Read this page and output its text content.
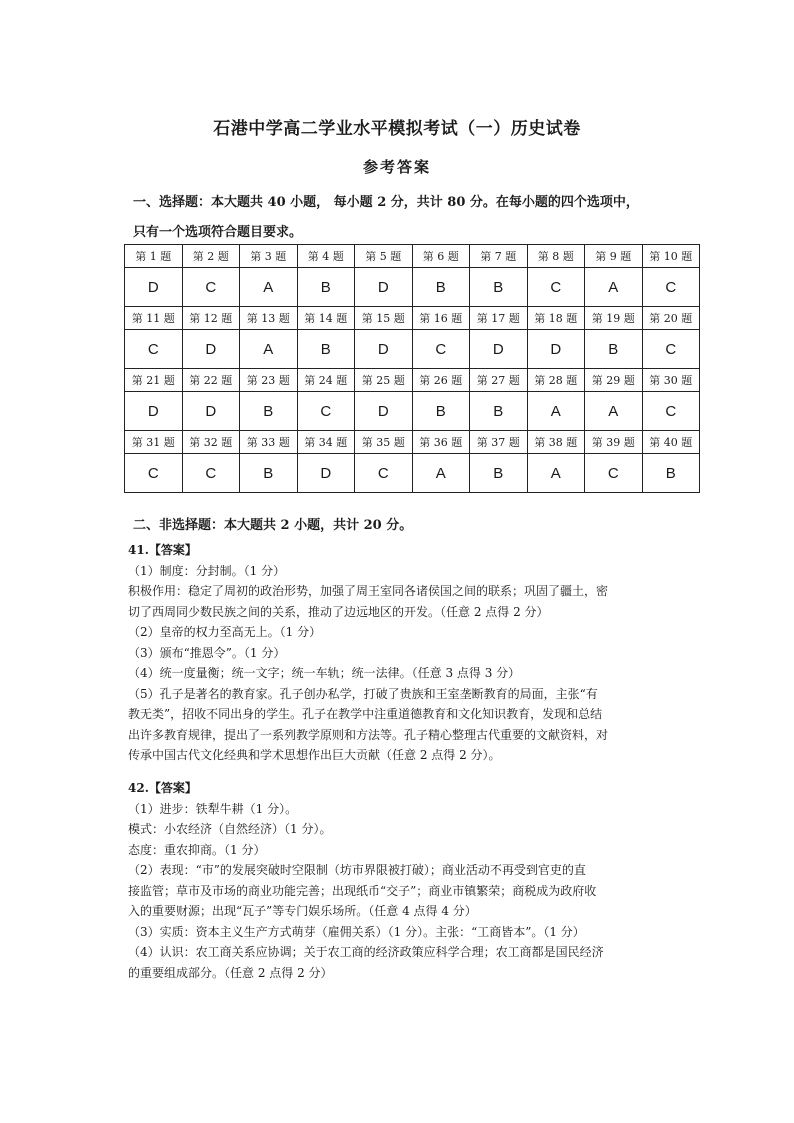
石港中学高二学业水平模拟考试（一）历史试卷
参考答案
一、选择题：本大题共 40 小题， 每小题 2 分，共计 80 分。在每小题的四个选项中，
只有一个选项符合题目要求。
第 1 题	第 2 题	第 3 题	第 4 题	第 5 题	第 6 题	第 7 题	第 8 题	第 9 题	第 10 题
D	C	A	B	D	B	B	C	A	C
第 11 题	第 12 题	第 13 题	第 14 题	第 15 题	第 16 题	第 17 题	第 18 题	第 19 题	第 20 题
C	D	A	B	D	C	D	D	B	C
第 21 题	第 22 题	第 23 题	第 24 题	第 25 题	第 26 题	第 27 题	第 28 题	第 29 题	第 30 题
D	D	B	C	D	B	B	A	A	C
第 31 题	第 32 题	第 33 题	第 34 题	第 35 题	第 36 题	第 37 题	第 38 题	第 39 题	第 40 题
C	C	B	D	C	A	B	A	C	B
二、非选择题：本大题共 2 小题，共计 20 分。

41.【答案】

（1）制度：分封制。（1 分）

积极作用：稳定了周初的政治形势，加强了周王室同各诸侯国之间的联系；巩固了疆土，密

切了西周同少数民族之间的关系，推动了边远地区的开发。（任意 2 点得 2 分）

（2）皇帝的权力至高无上。（1 分）

（3）颁布“推恩令”。（1 分）

（4）统一度量衡；统一文字；统一车轨；统一法律。（任意 3 点得 3 分）

（5）孔子是著名的教育家。孔子创办私学，打破了贵族和王室垄断教育的局面，主张“有

教无类”，招收不同出身的学生。孔子在教学中注重道德教育和文化知识教育，发现和总结

出许多教育规律，提出了一系列教学原则和方法等。孔子精心整理古代重要的文献资料，对

传承中国古代文化经典和学术思想作出巨大贡献（任意 2 点得 2 分）。

42.【答案】

（1）进步：铁犁牛耕（1 分）。

模式：小农经济（自然经济）（1 分）。

态度：重农抑商。（1 分）

（2）表现：“市”的发展突破时空限制（坊市界限被打破）；商业活动不再受到官吏的直

接监管；草市及市场的商业功能完善；出现纸币“交子”；商业市镇繁荣；商税成为政府收

入的重要财源；出现“瓦子”等专门娱乐场所。（任意 4 点得 4 分）

（3）实质：资本主义生产方式萌芽（雇佣关系）（1 分）。主张：“工商皆本”。（1 分）

（4）认识：农工商关系应协调；关于农工商的经济政策应科学合理；农工商都是国民经济

的重要组成部分。（任意 2 点得 2 分）
